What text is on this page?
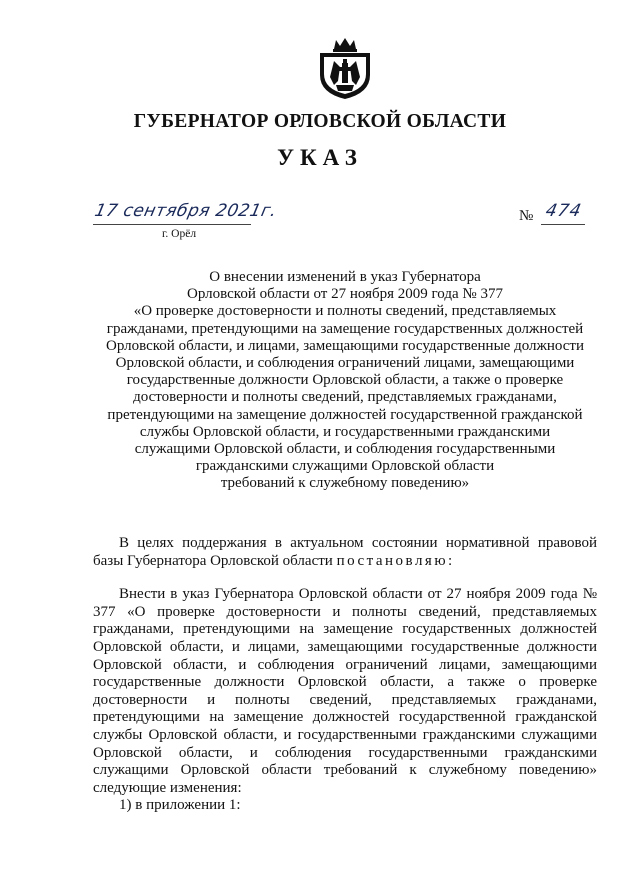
ГУБЕРНАТОР ОРЛОВСКОЙ ОБЛАСТИ
УКАЗ
17 сентября 2021г.
г. Орёл
№ 474
О внесении изменений в указ Губернатора
Орловской области от 27 ноября 2009 года № 377
«О проверке достоверности и полноты сведений, представляемых
гражданами, претендующими на замещение государственных должностей
Орловской области, и лицами, замещающими государственные должности
Орловской области, и соблюдения ограничений лицами, замещающими
государственные должности Орловской области, а также о проверке
достоверности и полноты сведений, представляемых гражданами,
претендующими на замещение должностей государственной гражданской
службы Орловской области, и государственными гражданскими
служащими Орловской области, и соблюдения государственными
гражданскими служащими Орловской области
требований к служебному поведению»

В целях поддержания в актуальном состоянии нормативной правовой базы Губернатора Орловской области постановляю:

Внести в указ Губернатора Орловской области от 27 ноября 2009 года № 377 «О проверке достоверности и полноты сведений, представляемых гражданами, претендующими на замещение государственных должностей Орловской области, и лицами, замещающими государственные должности Орловской области, и соблюдения ограничений лицами, замещающими государственные должности Орловской области, а также о проверке достоверности и полноты сведений, представляемых гражданами, претендующими на замещение должностей государственной гражданской службы Орловской области, и государственными гражданскими служащими Орловской области, и соблюдения государственными гражданскими служащими Орловской области требований к служебному поведению» следующие изменения:

1) в приложении 1:
